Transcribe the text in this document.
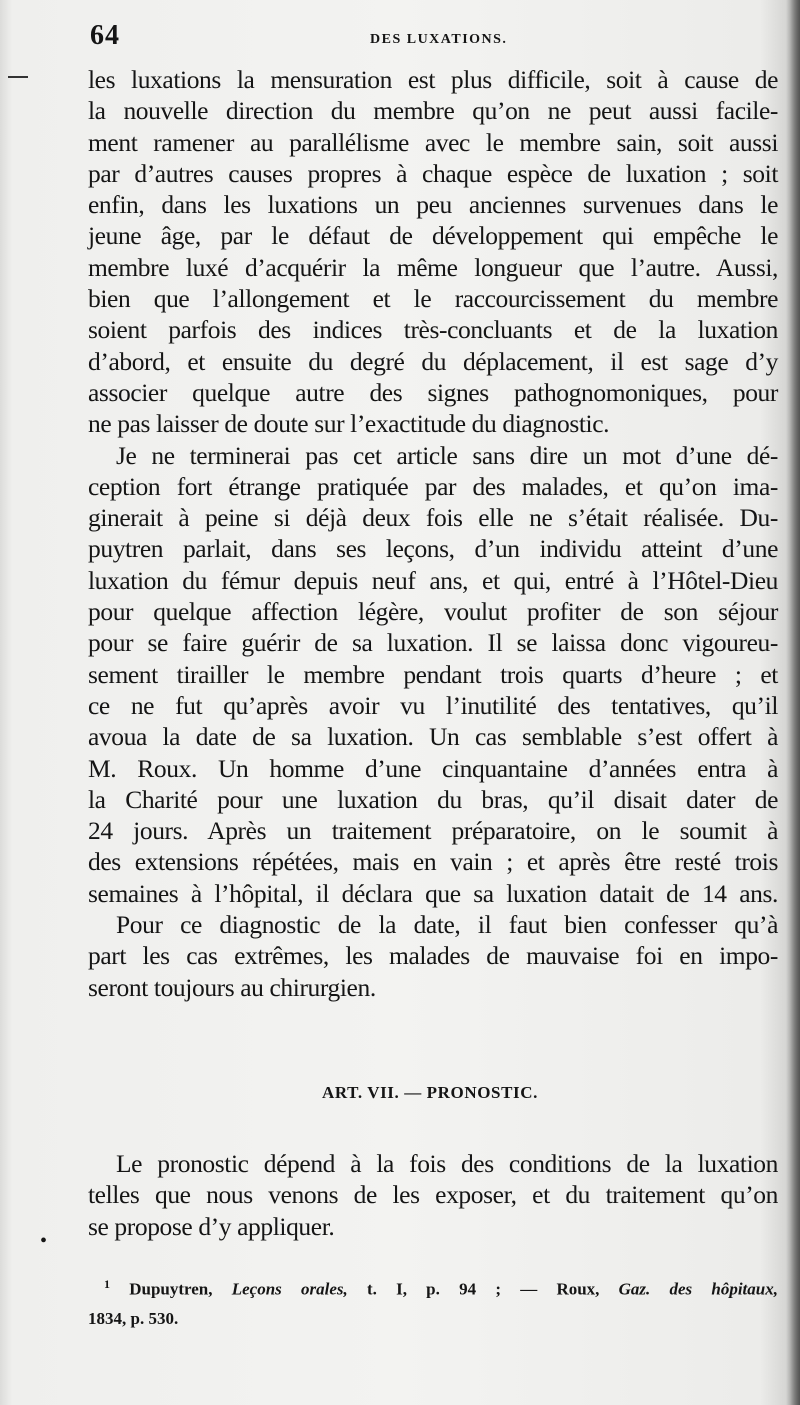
64	DES LUXATIONS.
les luxations la mensuration est plus difficile, soit à cause de
la nouvelle direction du membre qu’on ne peut aussi facile-
ment ramener au parallélisme avec le membre sain, soit aussi
par d’autres causes propres à chaque espèce de luxation ; soit
enfin, dans les luxations un peu anciennes survenues dans le
jeune âge, par le défaut de développement qui empêche le
membre luxé d’acquérir la même longueur que l’autre. Aussi,
bien que l’allongement et le raccourcissement du membre
soient parfois des indices très-concluants et de la luxation
d’abord, et ensuite du degré du déplacement, il est sage d’y
associer quelque autre des signes pathognomoniques, pour
ne pas laisser de doute sur l’exactitude du diagnostic.
Je ne terminerai pas cet article sans dire un mot d’une dé-
ception fort étrange pratiquée par des malades, et qu’on ima-
ginerait à peine si déjà deux fois elle ne s’était réalisée. Du-
puytren parlait, dans ses leçons, d’un individu atteint d’une
luxation du fémur depuis neuf ans, et qui, entré à l’Hôtel-Dieu
pour quelque affection légère, voulut profiter de son séjour
pour se faire guérir de sa luxation. Il se laissa donc vigoureu-
sement tirailler le membre pendant trois quarts d’heure ; et
ce ne fut qu’après avoir vu l’inutilité des tentatives, qu’il
avoua la date de sa luxation. Un cas semblable s’est offert à
M. Roux. Un homme d’une cinquantaine d’années entra à
la Charité pour une luxation du bras, qu’il disait dater de
24 jours. Après un traitement préparatoire, on le soumit à
des extensions répétées, mais en vain ; et après être resté trois
semaines à l’hôpital, il déclara que sa luxation datait de 14 ans.
Pour ce diagnostic de la date, il faut bien confesser qu’à
part les cas extrêmes, les malades de mauvaise foi en impo-
seront toujours au chirurgien.
ART. VII. — PRONOSTIC.
Le pronostic dépend à la fois des conditions de la luxation
telles que nous venons de les exposer, et du traitement qu’on
se propose d’y appliquer.
•
$^1$ Dupuytren, Leçons orales, t. I, p. 94 ; — Roux, Gaz. des hôpitaux,
1834, p. 530.
